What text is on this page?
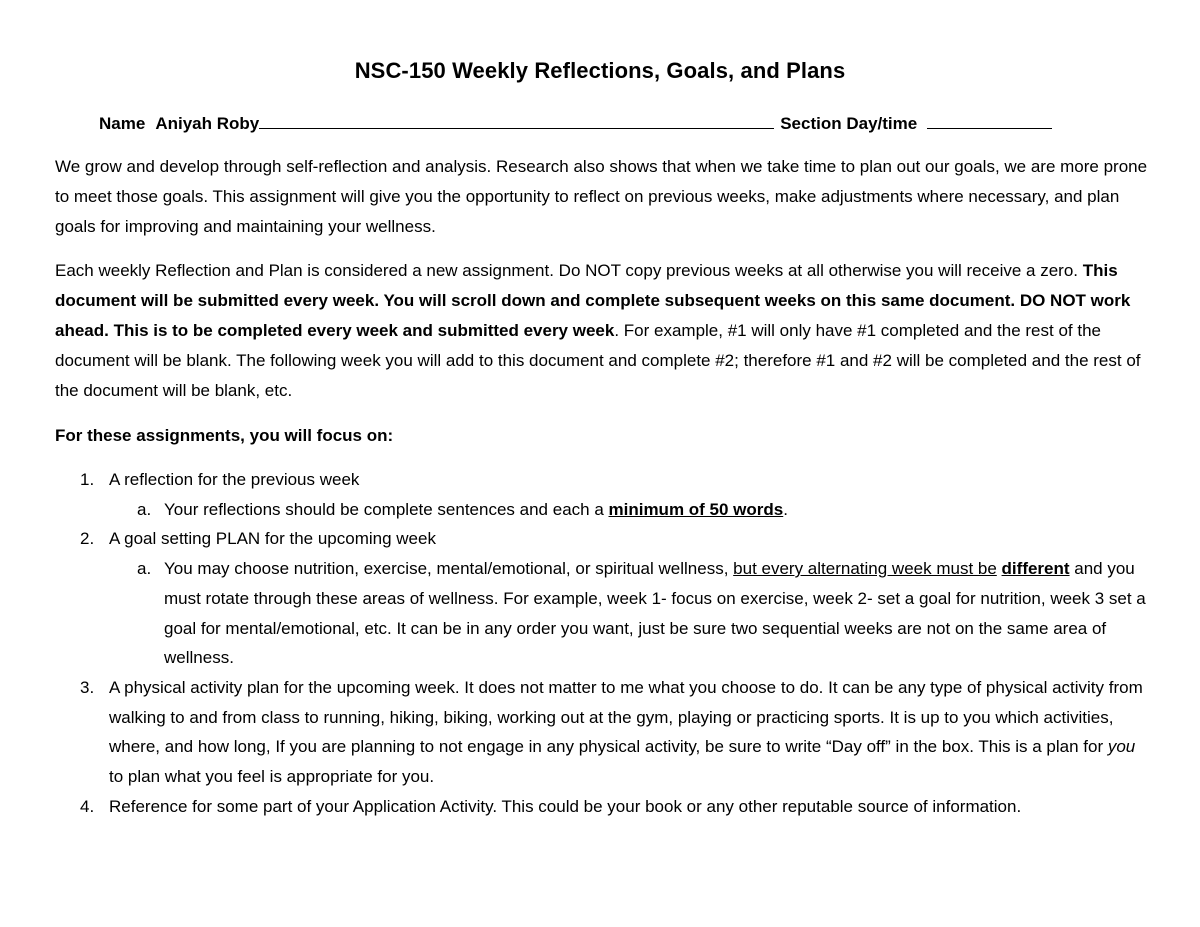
NSC-150 Weekly Reflections, Goals, and Plans
Name Aniyah Roby	Section Day/time
We grow and develop through self-reflection and analysis. Research also shows that when we take time to plan out our goals, we are more prone to meet those goals. This assignment will give you the opportunity to reflect on previous weeks, make adjustments where necessary, and plan goals for improving and maintaining your wellness.
Each weekly Reflection and Plan is considered a new assignment. Do NOT copy previous weeks at all otherwise you will receive a zero. This document will be submitted every week. You will scroll down and complete subsequent weeks on this same document. DO NOT work ahead. This is to be completed every week and submitted every week. For example, #1 will only have #1 completed and the rest of the document will be blank. The following week you will add to this document and complete #2; therefore #1 and #2 will be completed and the rest of the document will be blank, etc.
For these assignments, you will focus on:
1. A reflection for the previous week
a. Your reflections should be complete sentences and each a minimum of 50 words.
2. A goal setting PLAN for the upcoming week
a. You may choose nutrition, exercise, mental/emotional, or spiritual wellness, but every alternating week must be different and you must rotate through these areas of wellness. For example, week 1- focus on exercise, week 2- set a goal for nutrition, week 3 set a goal for mental/emotional, etc. It can be in any order you want, just be sure two sequential weeks are not on the same area of wellness.
3. A physical activity plan for the upcoming week. It does not matter to me what you choose to do. It can be any type of physical activity from walking to and from class to running, hiking, biking, working out at the gym, playing or practicing sports. It is up to you which activities, where, and how long, If you are planning to not engage in any physical activity, be sure to write “Day off” in the box. This is a plan for you to plan what you feel is appropriate for you.
4. Reference for some part of your Application Activity. This could be your book or any other reputable source of information.
